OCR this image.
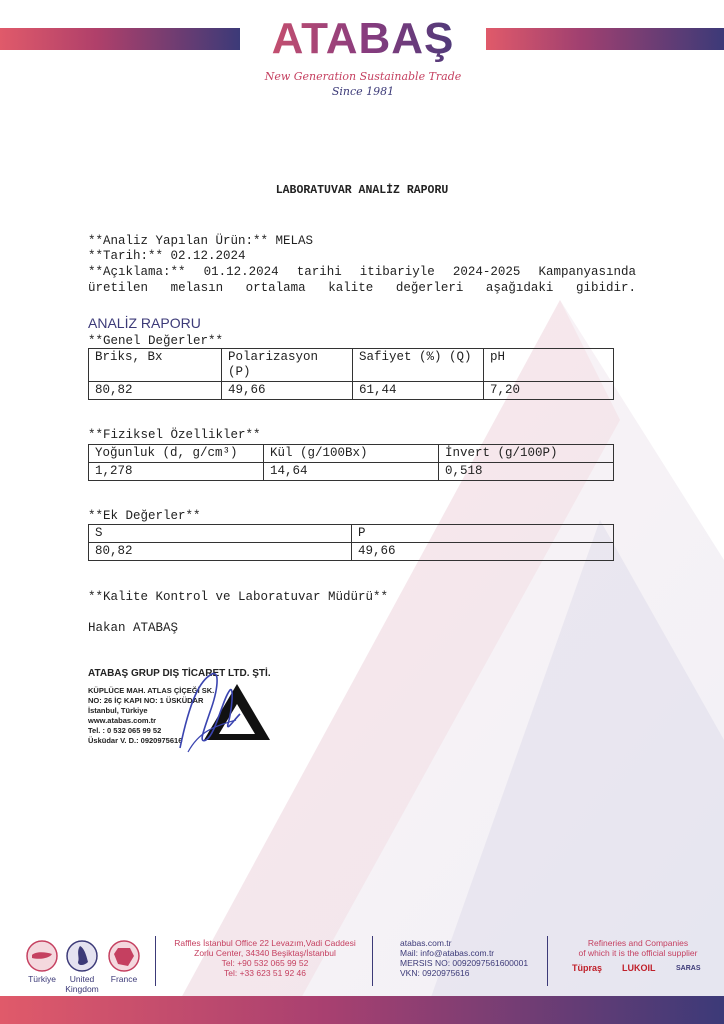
ATABAŞ
New Generation Sustainable Trade
Since 1981
LABORATUVAR ANALİZ RAPORU
**Analiz Yapılan Ürün:** MELAS
**Tarih:** 02.12.2024
**Açıklama:** 01.12.2024 tarihi itibariyle 2024-2025 Kampanyasında
üretilen melasın ortalama kalite değerleri aşağıdaki gibidir.
ANALİZ RAPORU
**Genel Değerler**
Briks, Bx	Polarizasyon (P)	Safiyet (%) (Q)	pH
80,82	49,66	61,44	7,20
**Fiziksel Özellikler**
Yoğunluk (d, g/cm³)	Kül (g/100Bx)	İnvert (g/100P)
1,278	14,64	0,518
**Ek Değerler**
S	P
80,82	49,66
**Kalite Kontrol ve Laboratuvar Müdürü**
Hakan ATABAŞ
ATABAŞ GRUP DIŞ TİCARET LTD. ŞTİ.
KÜPLÜCE MAH. ATLAS ÇİÇEĞİ SK.
NO: 26 İÇ KAPI NO: 1 ÜSKÜDAR
İstanbul, Türkiye
www.atabas.com.tr
Tel. : 0 532 065 99 52
Üsküdar V. D.: 0920975616
Türkiye	United Kingdom
France
Raffles İstanbul Office 22 Levazım,Vadi Caddesi
Zorlu Center, 34340 Beşiktaş/İstanbul
Tel: +90 532 065 99 52
Tel: +33 623 51 92 46
atabas.com.tr
Mail: info@atabas.com.tr
MERSIS NO: 0092097561600001
VKN: 0920975616
Refineries and Companies
of which it is the official supplier
Tüpraş LUKOIL	SARAS
